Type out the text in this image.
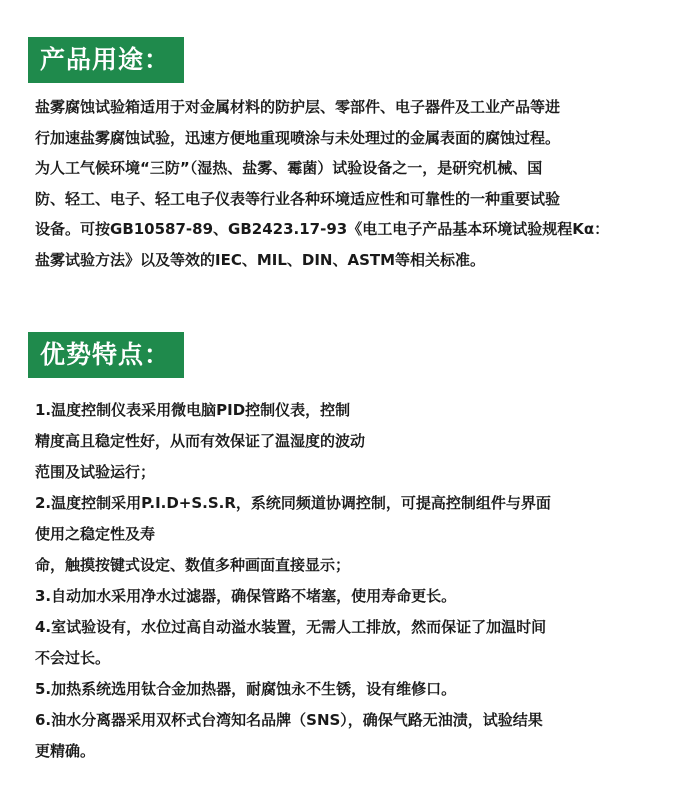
产品用途：

盐雾腐蚀试验箱适用于对金属材料的防护层、零部件、电子器件及工业产品等进

行加速盐雾腐蚀试验，迅速方便地重现喷涂与未处理过的金属表面的腐蚀过程。

为人工气候环境“三防”（湿热、盐雾、霉菌）试验设备之一，是研究机械、国

防、轻工、电子、轻工电子仪表等行业各种环境适应性和可靠性的一种重要试验

设备。可按GB10587-89、GB2423.17-93《电工电子产品基本环境试验规程Kα：

盐雾试验方法》以及等效的IEC、MIL、DIN、ASTM等相关标准。

优势特点：

1.温度控制仪表采用微电脑PID控制仪表，控制

精度高且稳定性好，从而有效保证了温湿度的波动

范围及试验运行；

2.温度控制采用P.I.D+S.S.R，系统同频道协调控制，可提高控制组件与界面

使用之稳定性及寿

命，触摸按键式设定、数值多种画面直接显示；

3.自动加水采用净水过滤器，确保管路不堵塞，使用寿命更长。

4.室试验设有，水位过高自动溢水装置，无需人工排放，然而保证了加温时间

不会过长。

5.加热系统选用钛合金加热器，耐腐蚀永不生锈，设有维修口。

6.油水分离器采用双杯式台湾知名品牌（SNS），确保气路无油渍，试验结果

更精确。
